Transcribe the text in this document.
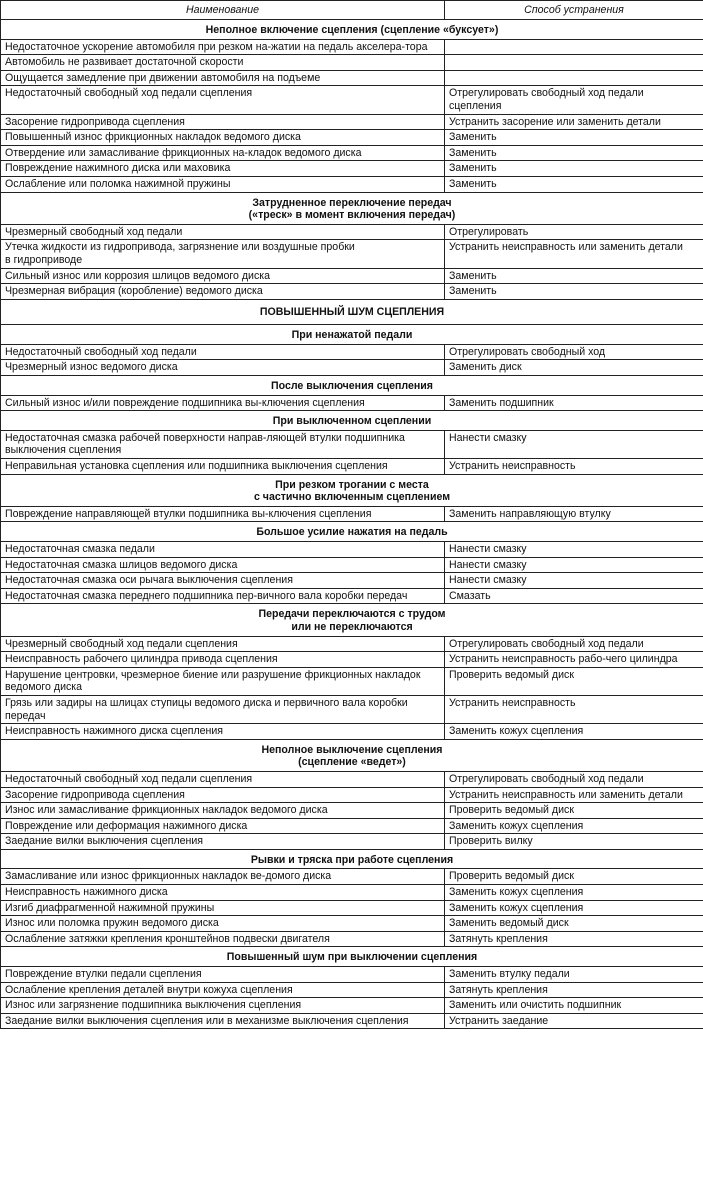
Наименование	Способ устранения
Неполное включение сцепления (сцепление «буксует»)	
Недостаточное ускорение автомобиля при резком на-жатии на педаль акселера-тора	
Автомобиль не развивает достаточной скорости	
Ощущается замедление при движении автомобиля на подъеме	
Недостаточный свободный ход педали сцепления	Отрегулировать свободный ход педали сцепления
Засорение гидропривода сцепления	Устранить засорение или заменить детали
Повышенный износ фрикционных накладок ведомого диска	Заменить
Отвердение или замасливание фрикционных на-кладок ведомого диска	Заменить
Повреждение нажимного диска или маховика	Заменить
Ослабление или поломка нажимной пружины	Заменить
Затрудненное переключение передач
(«треск» в момент включения передач)	
Чрезмерный свободный ход педали	Отрегулировать
Утечка жидкости из гидропривода, загрязнение или воздушные пробки
в гидроприводе	Устранить неисправность или заменить детали
Сильный износ или коррозия шлицов ведомого диска	Заменить
Чрезмерная вибрация (коробление) ведомого диска	Заменить
ПОВЫШЕННЫЙ ШУМ СЦЕПЛЕНИЯ	
При ненажатой педали	
Недостаточный свободный ход педали	Отрегулировать свободный ход
Чрезмерный износ ведомого диска	Заменить диск
После выключения сцепления	
Сильный износ и/или повреждение подшипника вы-ключения сцепления	Заменить подшипник
При выключенном сцеплении	
Недостаточная смазка рабочей поверхности направ-ляющей втулки подшипника выключения сцепления	Нанести смазку
Неправильная установка сцепления или подшипника выключения сцепления	Устранить неисправность
При резком трогании с места
с частично включенным сцеплением	
Повреждение направляющей втулки подшипника вы-ключения сцепления	Заменить направляющую втулку
Большое усилие нажатия на педаль	
Недостаточная смазка педали	Нанести смазку
Недостаточная смазка шлицов ведомого диска	Нанести смазку
Недостаточная смазка оси рычага выключения сцепления	Нанести смазку
Недостаточная смазка переднего подшипника пер-вичного вала коробки передач	Смазать
Передачи переключаются с трудом
или не переключаются	
Чрезмерный свободный ход педали сцепления	Отрегулировать свободный ход педали
Неисправность рабочего цилиндра привода сцепления	Устранить неисправность рабо-чего цилиндра
Нарушение центровки, чрезмерное биение или разрушение фрикционных накладок ведомого диска	Проверить ведомый диск
Грязь или задиры на шлицах ступицы ведомого диска и первичного вала коробки передач	Устранить неисправность
Неисправность нажимного диска сцепления	Заменить кожух сцепления
Неполное выключение сцепления
(сцепление «ведет»)	
Недостаточный свободный ход педали сцепления	Отрегулировать свободный ход педали
Засорение гидропривода сцепления	Устранить неисправность или заменить детали
Износ или замасливание фрикционных накладок ведомого диска	Проверить ведомый диск
Повреждение или деформация нажимного диска	Заменить кожух сцепления
Заедание вилки выключения сцепления	Проверить вилку
Рывки и тряска при работе сцепления	
Замасливание или износ фрикционных накладок ве-домого диска	Проверить ведомый диск
Неисправность нажимного диска	Заменить кожух сцепления
Изгиб диафрагменной нажимной пружины	Заменить кожух сцепления
Износ или поломка пружин ведомого диска	Заменить ведомый диск
Ослабление затяжки крепления кронштейнов подвески двигателя	Затянуть крепления
Повышенный шум при выключении сцепления	
Повреждение втулки педали сцепления	Заменить втулку педали
Ослабление крепления деталей внутри кожуха сцепления	Затянуть крепления
Износ или загрязнение подшипника выключения сцепления	Заменить или очистить подшипник
Заедание вилки выключения сцепления или в механизме выключения сцепления	Устранить заедание
